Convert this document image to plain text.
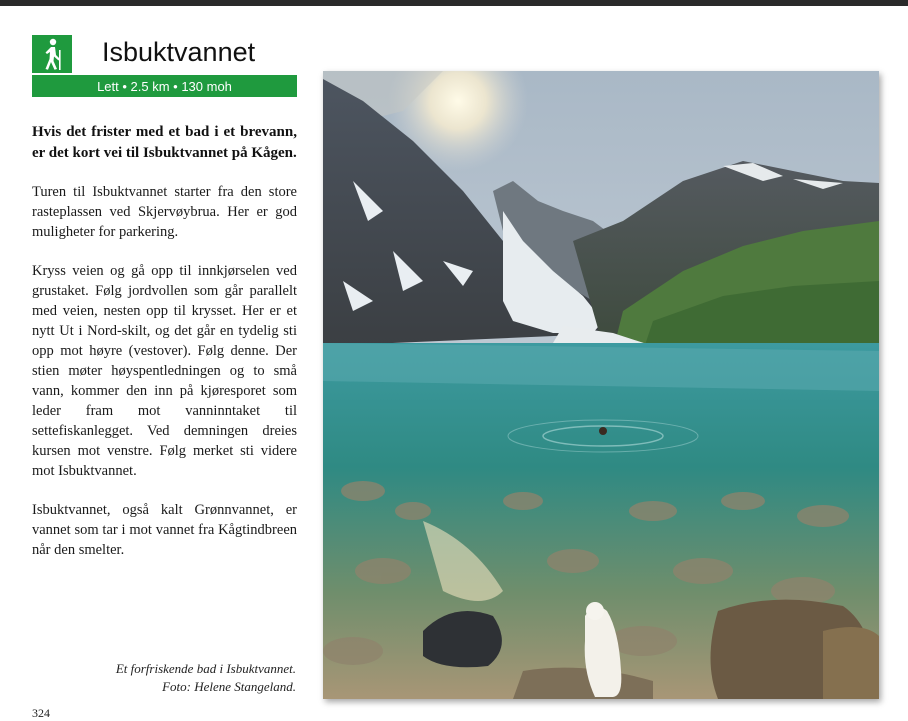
Isbuktvannet
Lett • 2.5 km • 130 moh

Hvis det frister med et bad i et brevann, er det kort vei til Isbuktvannet på Kågen.

Turen til Isbuktvannet starter fra den store rasteplassen ved Skjervøybrua. Her er god muligheter for parkering.

Kryss veien og gå opp til innkjørselen ved grustaket. Følg jordvollen som går parallelt med veien, nesten opp til krysset. Her er et nytt Ut i Nord-skilt, og det går en tydelig sti opp mot høyre (vestover). Følg denne. Der stien møter høyspentledningen og to små vann, kommer den inn på kjøresporet som leder fram mot vanninntaket til settefiskanlegget. Ved demningen dreies kursen mot venstre. Følg merket sti videre mot Isbuktvannet.

Isbuktvannet, også kalt Grønnvannet, er vannet som tar i mot vannet fra Kågtindbreen når den smelter.

Et forfriskende bad i Isbuktvannet.
Foto: Helene Stangeland.
324
